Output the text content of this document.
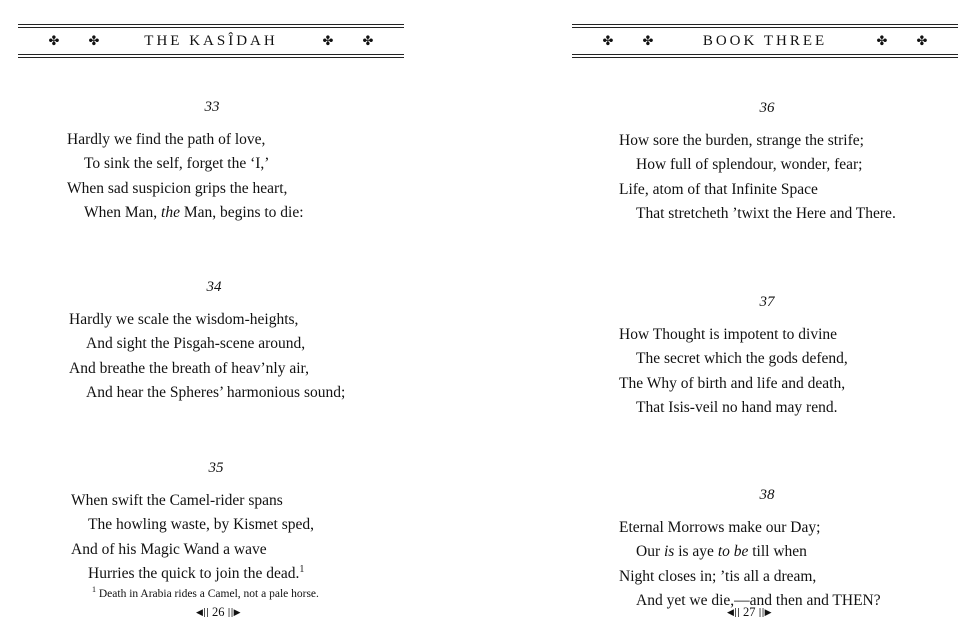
✤	✤	THE KASÎDAH	✤	✤
33
Hardly we find the path of love,
To sink the self, forget the ‘I,’
When sad suspicion grips the heart,
When Man, the Man, begins to die:
34
Hardly we scale the wisdom-heights,
And sight the Pisgah-scene around,
And breathe the breath of heav’nly air,
And hear the Spheres’ harmonious sound;
35
When swift the Camel-rider spans
The howling waste, by Kismet sped,
And of his Magic Wand a wave
Hurries the quick to join the dead.$^1$
$^1$ Death in Arabia rides a Camel, not a pale horse.
◀|| 26 ||▶
✤	✤	BOOK THREE	✤	✤
36
How sore the burden, strange the strife;
How full of splendour, wonder, fear;
Life, atom of that Infinite Space
That stretcheth ’twixt the Here and There.
37
How Thought is impotent to divine
The secret which the gods defend,
The Why of birth and life and death,
That Isis-veil no hand may rend.
38
Eternal Morrows make our Day;
Our is is aye to be till when
Night closes in; ’tis all a dream,
And yet we die,—and then and THEN?
◀|| 27 ||▶
